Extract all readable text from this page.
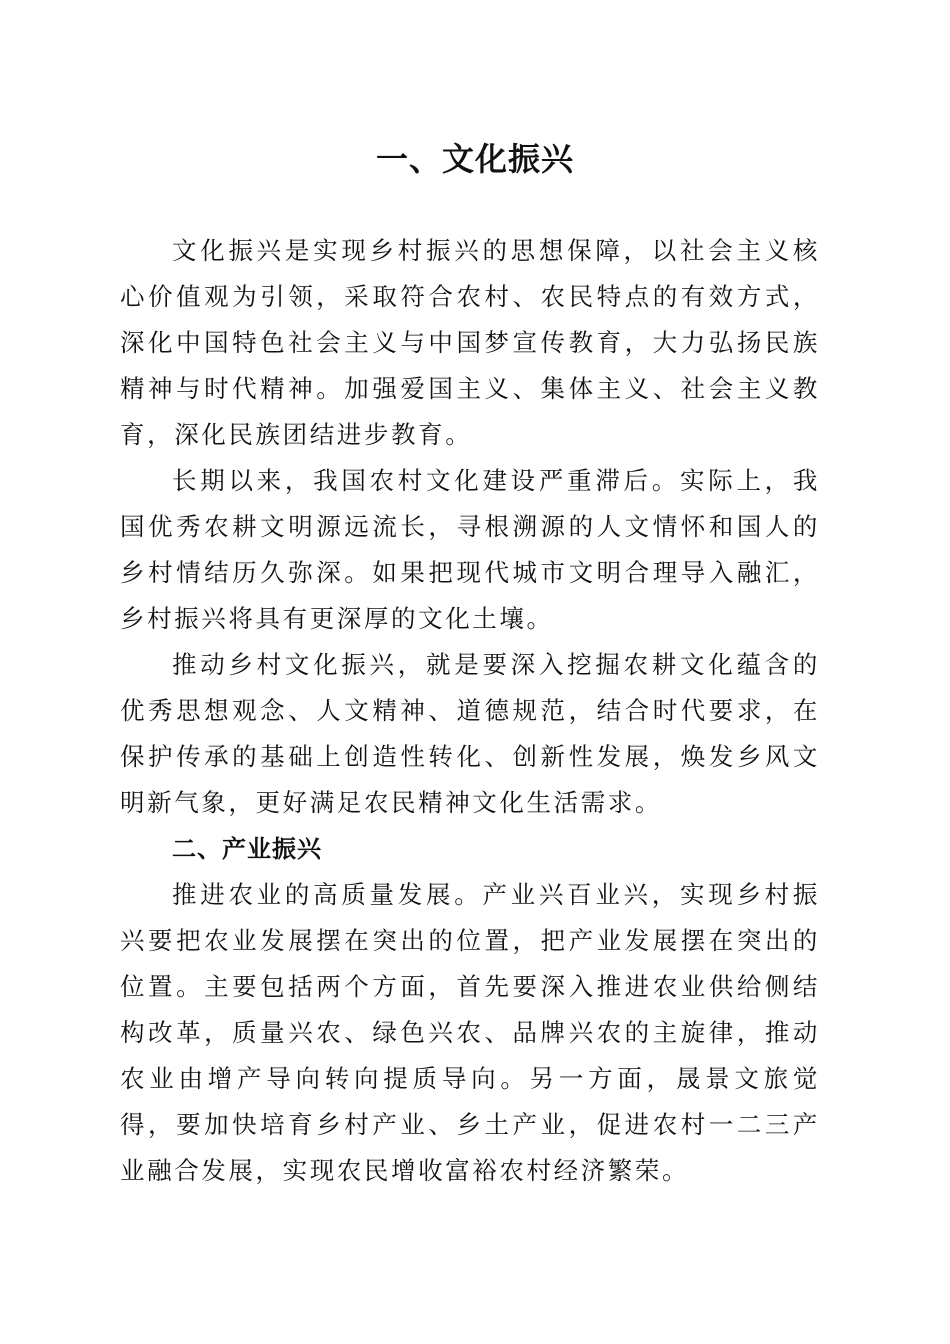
一、文化振兴

文化振兴是实现乡村振兴的思想保障，以社会主义核心价值观为引领，采取符合农村、农民特点的有效方式，深化中国特色社会主义与中国梦宣传教育，大力弘扬民族精神与时代精神。加强爱国主义、集体主义、社会主义教育，深化民族团结进步教育。

长期以来，我国农村文化建设严重滞后。实际上，我国优秀农耕文明源远流长，寻根溯源的人文情怀和国人的乡村情结历久弥深。如果把现代城市文明合理导入融汇，乡村振兴将具有更深厚的文化土壤。

推动乡村文化振兴，就是要深入挖掘农耕文化蕴含的优秀思想观念、人文精神、道德规范，结合时代要求，在保护传承的基础上创造性转化、创新性发展，焕发乡风文明新气象，更好满足农民精神文化生活需求。

二、产业振兴

推进农业的高质量发展。产业兴百业兴，实现乡村振兴要把农业发展摆在突出的位置，把产业发展摆在突出的位置。主要包括两个方面，首先要深入推进农业供给侧结构改革，质量兴农、绿色兴农、品牌兴农的主旋律，推动农业由增产导向转向提质导向。另一方面，晟景文旅觉得，要加快培育乡村产业、乡土产业，促进农村一二三产业融合发展，实现农民增收富裕农村经济繁荣。
